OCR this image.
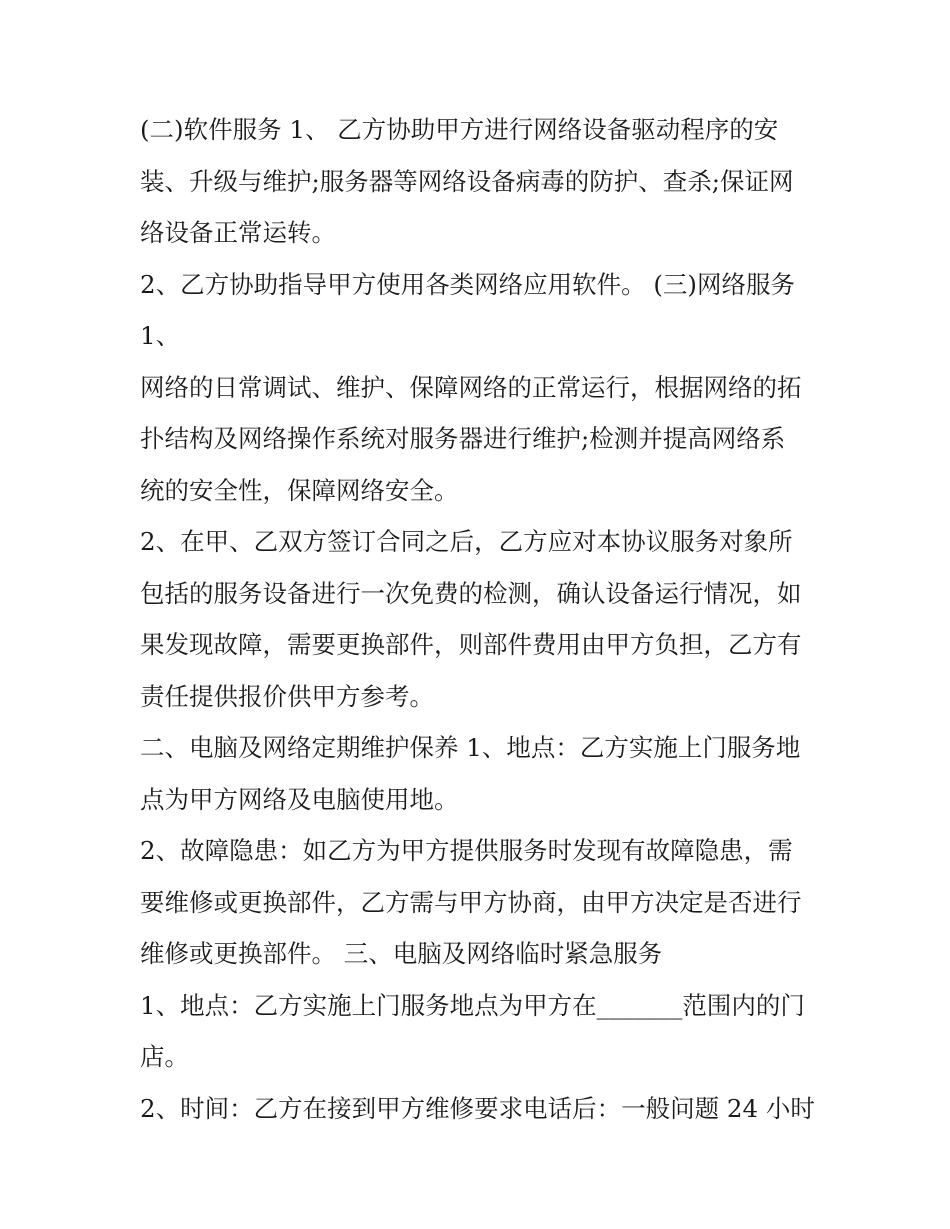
(二)软件服务 1、 乙方协助甲方进行网络设备驱动程序的安

装、升级与维护;服务器等网络设备病毒的防护、查杀;保证网

络设备正常运转。

2、乙方协助指导甲方使用各类网络应用软件。 (三)网络服务

1、

网络的日常调试、维护、保障网络的正常运行，根据网络的拓

扑结构及网络操作系统对服务器进行维护;检测并提高网络系

统的安全性，保障网络安全。

2、在甲、乙双方签订合同之后，乙方应对本协议服务对象所

包括的服务设备进行一次免费的检测，确认设备运行情况，如

果发现故障，需要更换部件，则部件费用由甲方负担，乙方有

责任提供报价供甲方参考。

二、电脑及网络定期维护保养 1、地点：乙方实施上门服务地

点为甲方网络及电脑使用地。

2、故障隐患：如乙方为甲方提供服务时发现有故障隐患，需

要维修或更换部件，乙方需与甲方协商，由甲方决定是否进行

维修或更换部件。 三、电脑及网络临时紧急服务

1、地点：乙方实施上门服务地点为甲方在_______范围内的门

店。

2、时间：乙方在接到甲方维修要求电话后：一般问题 24 小时
